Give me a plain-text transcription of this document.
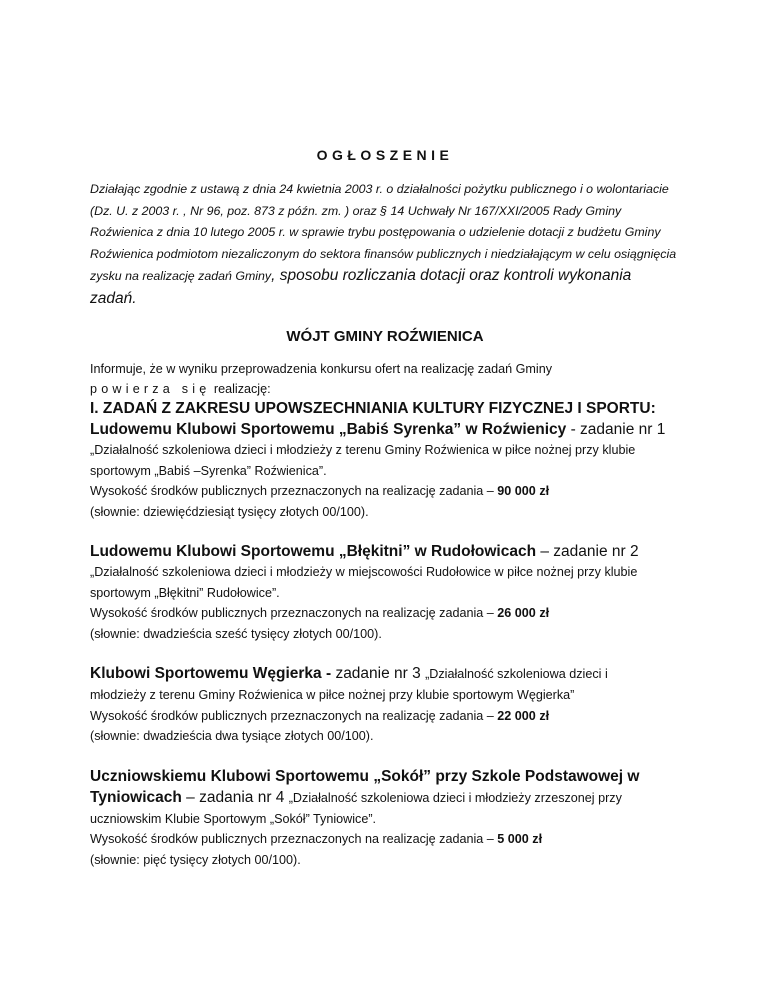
OGŁOSZENIE

Działając zgodnie z ustawą z dnia 24 kwietnia 2003 r. o działalności pożytku publicznego i o wolontariacie (Dz. U. z 2003 r. , Nr 96, poz. 873 z późn. zm. ) oraz § 14 Uchwały Nr 167/XXI/2005 Rady Gminy Roźwienica z dnia 10 lutego 2005 r. w sprawie trybu postępowania o udzielenie dotacji z budżetu Gminy Roźwienica podmiotom niezaliczonym do sektora finansów publicznych i niedziałającym w celu osiągnięcia zysku na realizację zadań Gminy, sposobu rozliczania dotacji oraz kontroli wykonania zadań.

WÓJT GMINY ROŹWIENICA

Informuje, że w wyniku przeprowadzenia konkursu ofert na realizację zadań Gminy

powierza się realizację:

I. ZADAŃ Z ZAKRESU UPOWSZECHNIANIA KULTURY FIZYCZNEJ I SPORTU:

Ludowemu Klubowi Sportowemu „Babiś Syrenka” w Roźwienicy - zadanie nr 1

„Działalność szkoleniowa dzieci i młodzieży z terenu Gminy Roźwienica w piłce nożnej przy klubie sportowym „Babiś –Syrenka” Roźwienica”.

Wysokość środków publicznych przeznaczonych na realizację zadania – 90 000 zł

(słownie: dziewięćdziesiąt tysięcy złotych 00/100).

Ludowemu Klubowi Sportowemu „Błękitni” w Rudołowicach – zadanie nr 2

„Działalność szkoleniowa dzieci i młodzieży w miejscowości Rudołowice w piłce nożnej przy klubie sportowym „Błękitni” Rudołowice”.

Wysokość środków publicznych przeznaczonych na realizację zadania – 26 000 zł

(słownie: dwadzieścia sześć tysięcy złotych 00/100).

Klubowi Sportowemu Węgierka - zadanie nr 3 „Działalność szkoleniowa dzieci i

młodzieży z terenu Gminy Roźwienica w piłce nożnej przy klubie sportowym Węgierka”

Wysokość środków publicznych przeznaczonych na realizację zadania – 22 000 zł

(słownie: dwadzieścia dwa tysiące złotych 00/100).

Uczniowskiemu Klubowi Sportowemu „Sokół” przy Szkole Podstawowej w Tyniowicach – zadania nr 4 „Działalność szkoleniowa dzieci i młodzieży zrzeszonej przy

uczniowskim Klubie Sportowym „Sokół” Tyniowice”.

Wysokość środków publicznych przeznaczonych na realizację zadania – 5 000 zł

(słownie: pięć tysięcy złotych 00/100).
